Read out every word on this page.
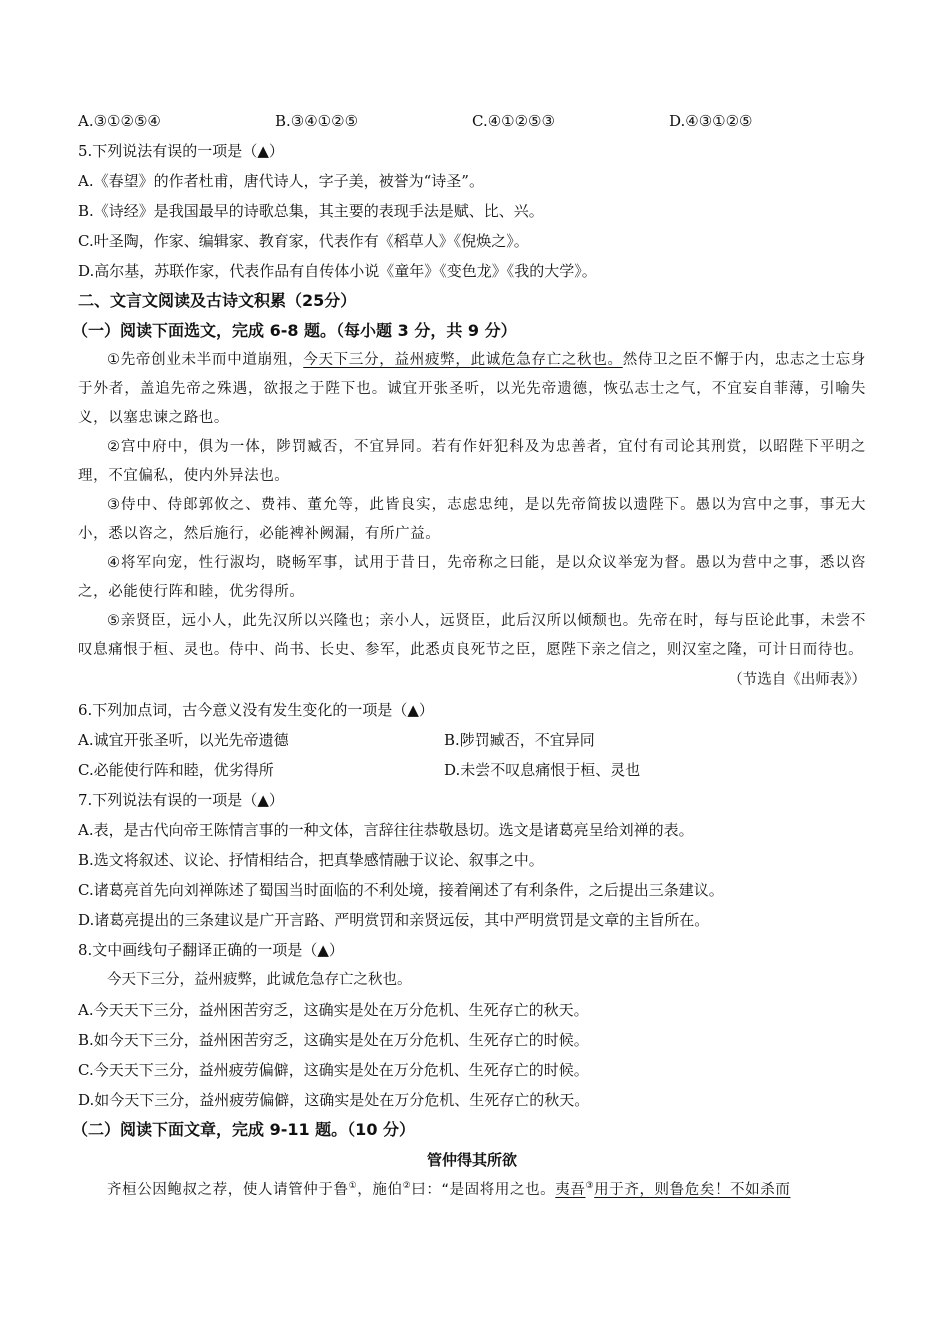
A.③①②⑤④	B.③④①②⑤	C.④①②⑤③	D.④③①②⑤
5.下列说法有误的一项是（▲）
A.《春望》的作者杜甫，唐代诗人，字子美，被誉为“诗圣”。
B.《诗经》是我国最早的诗歌总集，其主要的表现手法是赋、比、兴。
C.叶圣陶，作家、编辑家、教育家，代表作有《稻草人》《倪焕之》。
D.高尔基，苏联作家，代表作品有自传体小说《童年》《变色龙》《我的大学》。
二、文言文阅读及古诗文积累（25分）
（一）阅读下面选文，完成 6-8 题。（每小题 3 分，共 9 分）

①先帝创业未半而中道崩殂，今天下三分，益州疲弊，此诚危急存亡之秋也。然侍卫之臣不懈于内，忠志之士忘身于外者，盖追先帝之殊遇，欲报之于陛下也。诚宜开张圣听，以光先帝遗德，恢弘志士之气，不宜妄自菲薄，引喻失义，以塞忠谏之路也。

②宫中府中，俱为一体，陟罚臧否，不宜异同。若有作奸犯科及为忠善者，宜付有司论其刑赏，以昭陛下平明之理，不宜偏私，使内外异法也。

③侍中、侍郎郭攸之、费祎、董允等，此皆良实，志虑忠纯，是以先帝简拔以遗陛下。愚以为宫中之事，事无大小，悉以咨之，然后施行，必能裨补阙漏，有所广益。

④将军向宠，性行淑均，晓畅军事，试用于昔日，先帝称之曰能，是以众议举宠为督。愚以为营中之事，悉以咨之，必能使行阵和睦，优劣得所。

⑤亲贤臣，远小人，此先汉所以兴隆也；亲小人，远贤臣，此后汉所以倾颓也。先帝在时，每与臣论此事，未尝不叹息痛恨于桓、灵也。侍中、尚书、长史、参军，此悉贞良死节之臣，愿陛下亲之信之，则汉室之隆，可计日而待也。

（节选自《出师表》）
6.下列加点词，古今意义没有发生变化的一项是（▲）
A.诚宜开张圣听，以光先帝遗德	B.陟罚臧否，不宜异同
C.必能使行阵和睦，优劣得所	D.未尝不叹息痛恨于桓、灵也
7.下列说法有误的一项是（▲）
A.表，是古代向帝王陈情言事的一种文体，言辞往往恭敬恳切。选文是诸葛亮呈给刘禅的表。
B.选文将叙述、议论、抒情相结合，把真挚感情融于议论、叙事之中。
C.诸葛亮首先向刘禅陈述了蜀国当时面临的不利处境，接着阐述了有利条件，之后提出三条建议。
D.诸葛亮提出的三条建议是广开言路、严明赏罚和亲贤远佞，其中严明赏罚是文章的主旨所在。
8.文中画线句子翻译正确的一项是（▲）
今天下三分，益州疲弊，此诚危急存亡之秋也。
A.今天天下三分，益州困苦穷乏，这确实是处在万分危机、生死存亡的秋天。
B.如今天下三分，益州困苦穷乏，这确实是处在万分危机、生死存亡的时候。
C.今天天下三分，益州疲劳偏僻，这确实是处在万分危机、生死存亡的时候。
D.如今天下三分，益州疲劳偏僻，这确实是处在万分危机、生死存亡的秋天。
（二）阅读下面文章，完成 9-11 题。（10 分）
管仲得其所欲
齐桓公因鲍叔之荐，使人请管仲于鲁①，施伯②曰：“是固将用之也。夷吾③用于齐，则鲁危矣！不如杀而
